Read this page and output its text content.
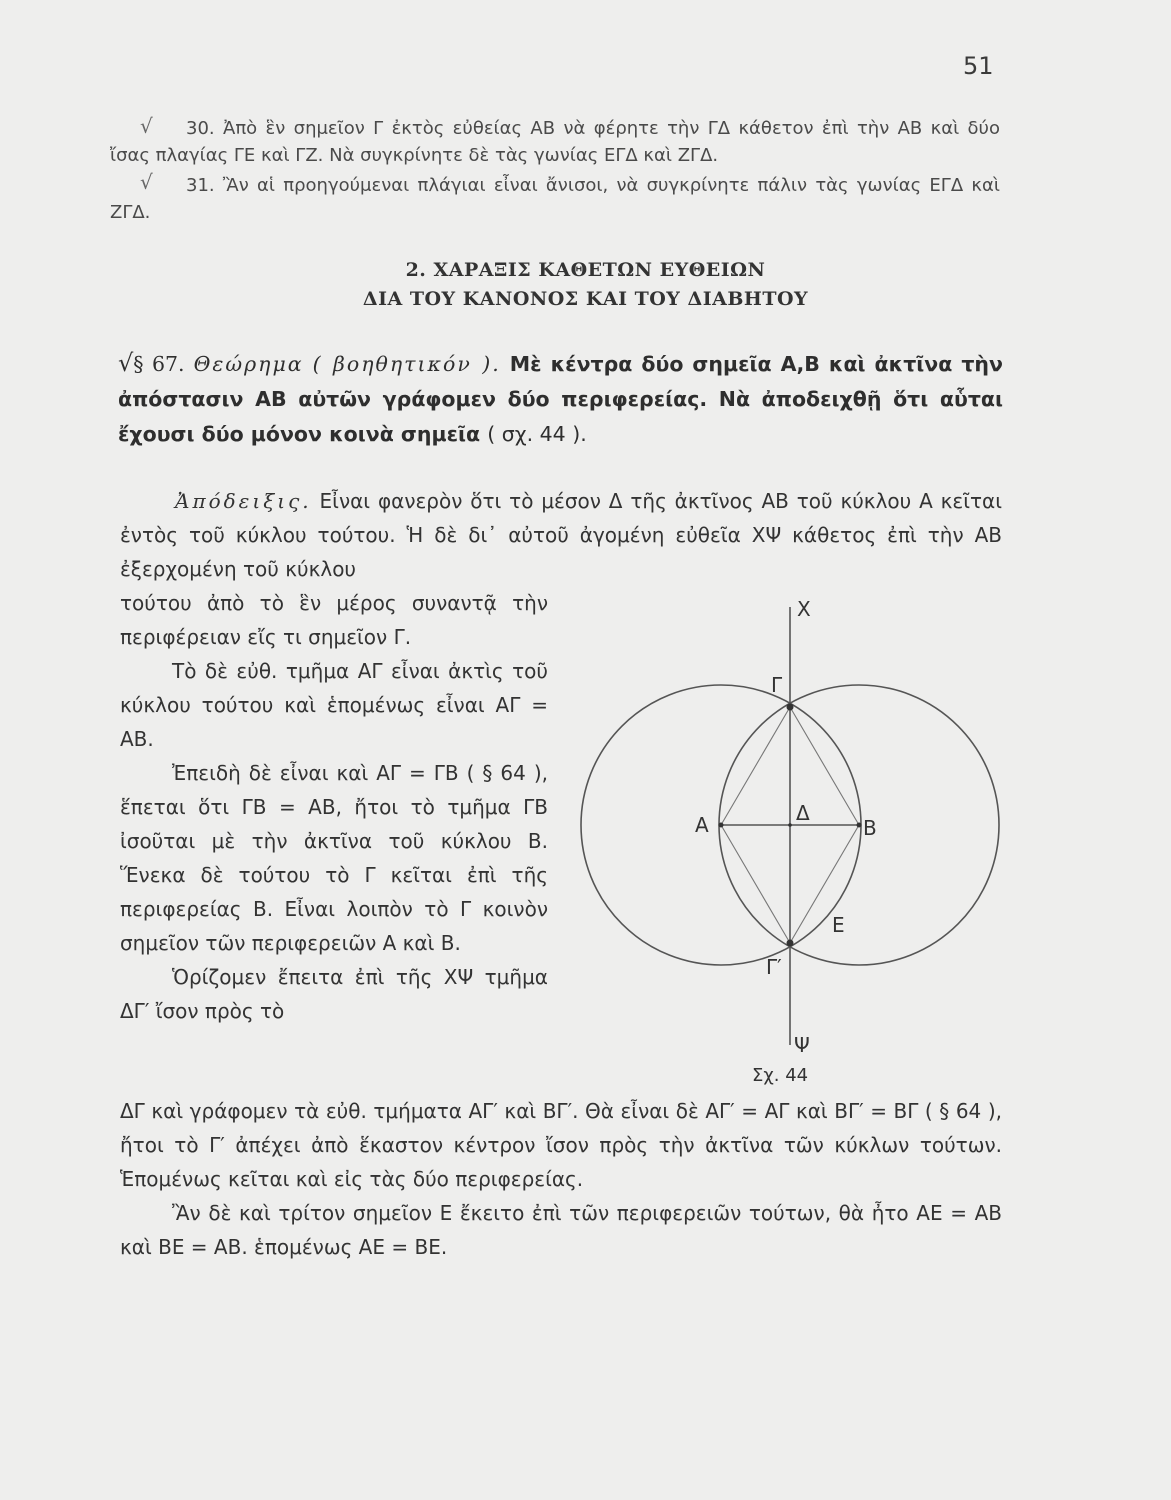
51
√	30. Ἀπὸ ἓν σημεῖον Γ ἐκτὸς εὐθείας ΑΒ νὰ φέρητε τὴν ΓΔ κάθετον ἐπὶ τὴν ΑΒ καὶ δύο ἴσας πλαγίας ΓΕ καὶ ΓΖ. Νὰ συγκρίνητε δὲ τὰς γωνίας ΕΓΔ καὶ ΖΓΔ.
√	31. Ἂν αἱ προηγούμεναι πλάγιαι εἶναι ἄνισοι, νὰ συγκρίνητε πάλιν τὰς γωνίας ΕΓΔ καὶ ΖΓΔ.
2. ΧΑΡΑΞΙΣ ΚΑΘΕΤΩΝ ΕΥΘΕΙΩΝ
ΔΙΑ ΤΟΥ ΚΑΝΟΝΟΣ ΚΑΙ ΤΟΥ ΔΙΑΒΗΤΟΥ
√§ 67. Θεώρημα ( βοηθητικόν ). Μὲ κέντρα δύο σημεῖα Α,Β καὶ ἀκτῖνα τὴν ἀπόστασιν ΑΒ αὐτῶν γράφομεν δύο περιφερείας. Νὰ ἀποδειχθῇ ὅτι αὗται ἔχουσι δύο μόνον κοινὰ σημεῖα ( σχ. 44 ).
Ἀπόδειξις. Εἶναι φανερὸν ὅτι τὸ μέσον Δ τῆς ἀκτῖνος ΑΒ τοῦ κύκλου Α κεῖται ἐντὸς τοῦ κύκλου τούτου. Ἡ δὲ δι᾽ αὐτοῦ ἀγομένη εὐθεῖα ΧΨ κάθετος ἐπὶ τὴν ΑΒ ἐξερχομένη τοῦ κύκλου

τούτου ἀπὸ τὸ ἓν μέρος συναντᾷ τὴν περιφέρειαν εἴς τι σημεῖον Γ.

Τὸ δὲ εὐθ. τμῆμα ΑΓ εἶναι ἀκτὶς τοῦ κύκλου τούτου καὶ ἑπομένως εἶναι ΑΓ = ΑΒ.

Ἐπειδὴ δὲ εἶναι καὶ ΑΓ = ΓΒ ( § 64 ), ἕπεται ὅτι ΓΒ = ΑΒ, ἤτοι τὸ τμῆμα ΓΒ ἰσοῦται μὲ τὴν ἀκτῖνα τοῦ κύκλου Β. Ἕνεκα δὲ τούτου τὸ Γ κεῖται ἐπὶ τῆς περιφερείας Β. Εἶναι λοιπὸν τὸ Γ κοινὸν σημεῖον τῶν περιφερειῶν Α καὶ Β.

Ὁρίζομεν ἔπειτα ἐπὶ τῆς ΧΨ τμῆμα ΔΓ′ ἴσον πρὸς τὸ

X
Γ
Α	Δ
Β
Ε
Γ′
Ψ
Σχ. 44

ΔΓ καὶ γράφομεν τὰ εὐθ. τμήματα ΑΓ′ καὶ ΒΓ′. Θὰ εἶναι δὲ ΑΓ′ = ΑΓ καὶ ΒΓ′ = ΒΓ ( § 64 ), ἤτοι τὸ Γ′ ἀπέχει ἀπὸ ἕκαστον κέντρον ἴσον πρὸς τὴν ἀκτῖνα τῶν κύκλων τούτων. Ἑπομένως κεῖται καὶ εἰς τὰς δύο περιφερείας.

Ἂν δὲ καὶ τρίτον σημεῖον Ε ἔκειτο ἐπὶ τῶν περιφερειῶν τούτων, θὰ ἦτο ΑΕ = ΑΒ καὶ ΒΕ = ΑΒ. ἑπομένως ΑΕ = ΒΕ.
